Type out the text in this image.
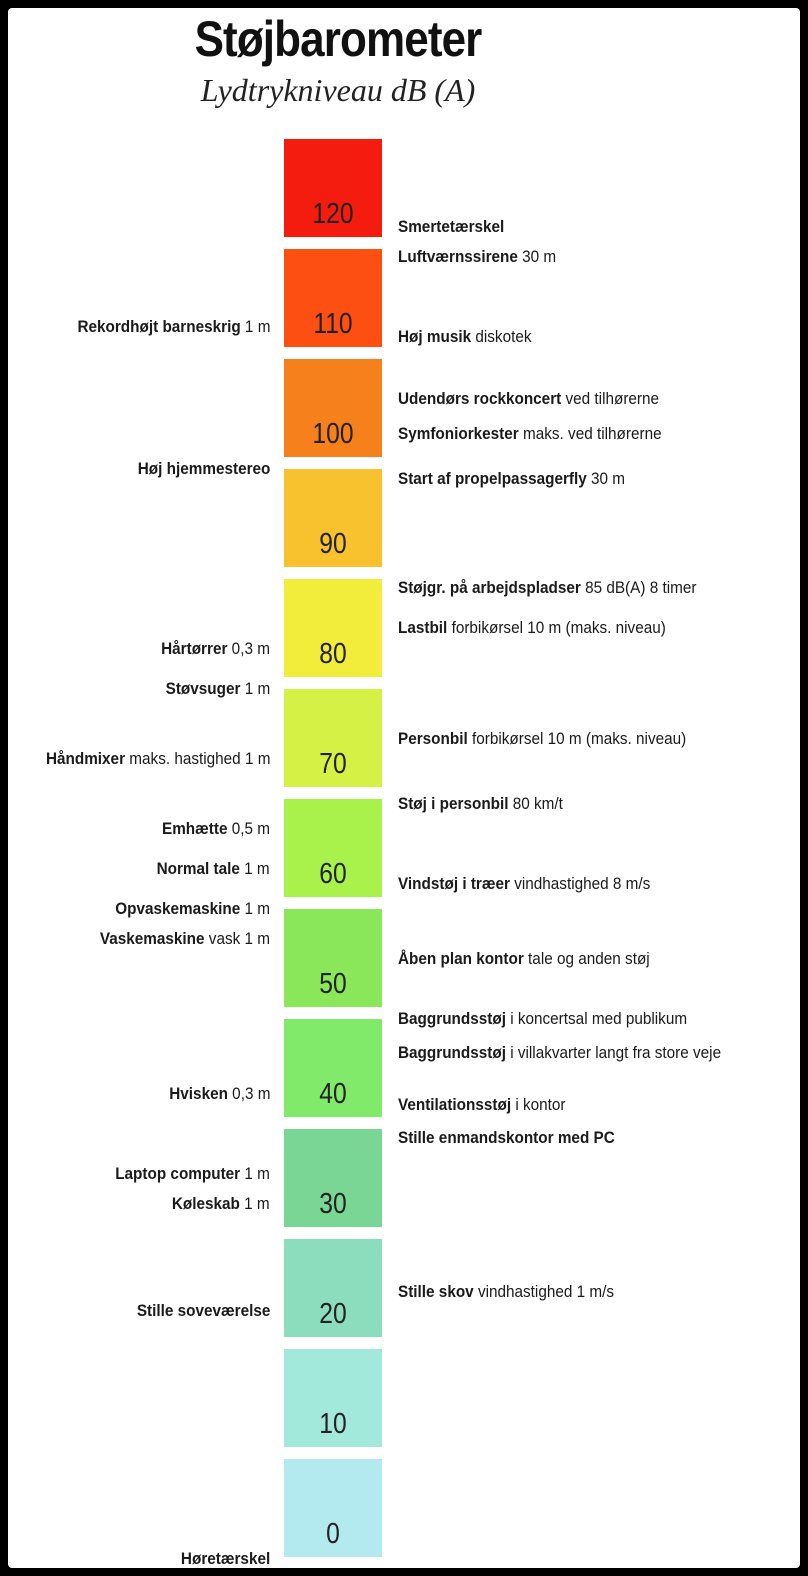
Støjbarometer
Lydtrykniveau dB (A)
120
110
100
90
80
70
60
50
40
30
20
10
0
Rekordhøjt barneskrig 1 m
Høj hjemmestereo
Hårtørrer 0,3 m
Støvsuger 1 m
Håndmixer maks. hastighed 1 m
Emhætte 0,5 m
Normal tale 1 m
Opvaskemaskine 1 m
Vaskemaskine vask 1 m
Hvisken 0,3 m
Laptop computer 1 m
Køleskab 1 m
Stille soveværelse
Høretærskel
Smertetærskel
Luftværnssirene 30 m
Høj musik diskotek
Udendørs rockkoncert ved tilhørerne
Symfoniorkester maks. ved tilhørerne
Start af propelpassagerfly 30 m
Støjgr. på arbejdspladser 85 dB(A) 8 timer
Lastbil forbikørsel 10 m (maks. niveau)
Personbil forbikørsel 10 m (maks. niveau)
Støj i personbil 80 km/t
Vindstøj i træer vindhastighed 8 m/s
Åben plan kontor tale og anden støj
Baggrundsstøj i koncertsal med publikum
Baggrundsstøj i villakvarter langt fra store veje
Ventilationsstøj i kontor
Stille enmandskontor med PC
Stille skov vindhastighed 1 m/s
